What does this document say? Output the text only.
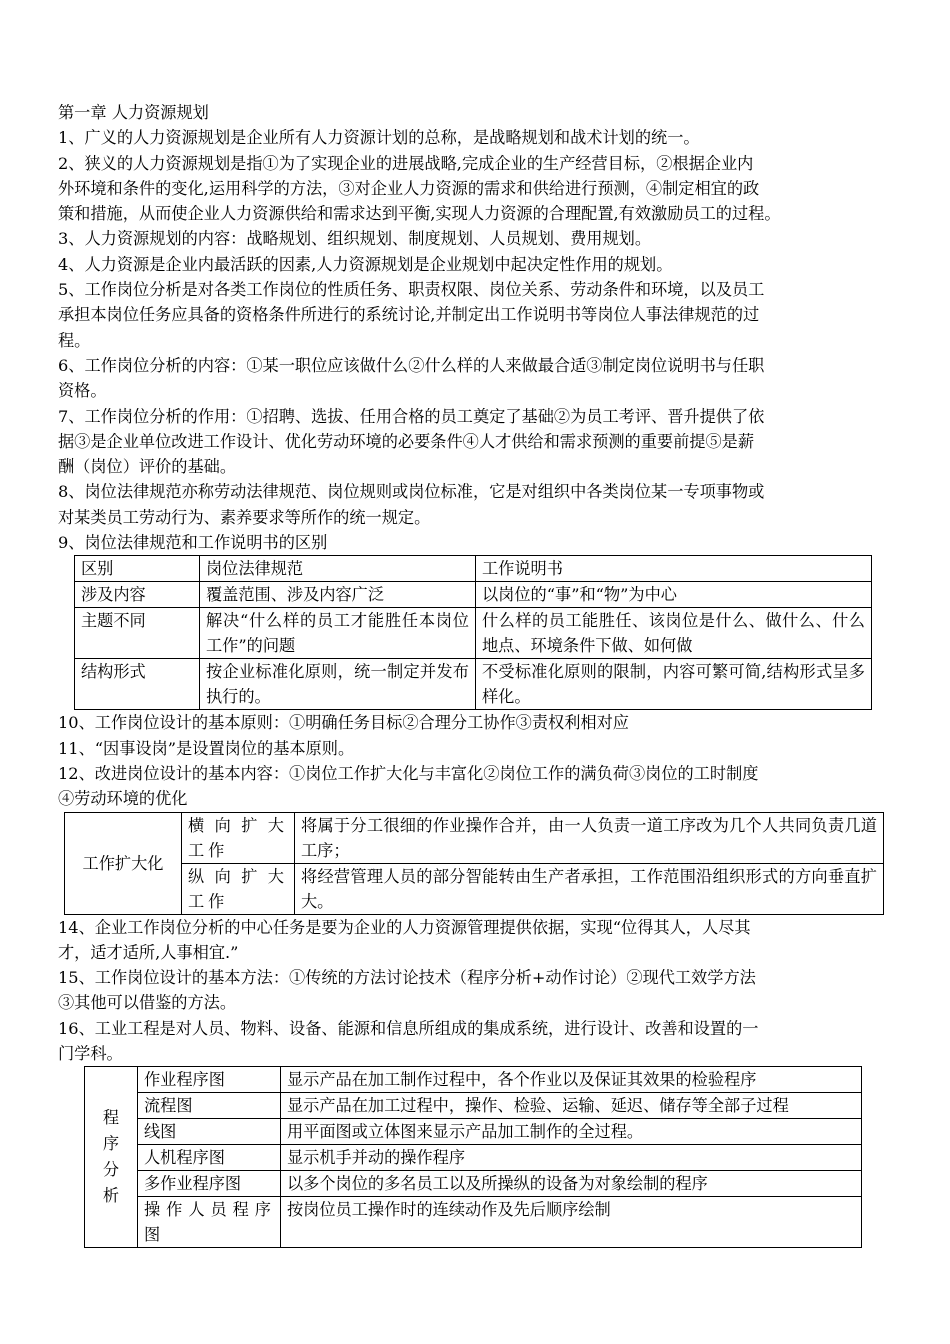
第一章 人力资源规划
1、广义的人力资源规划是企业所有人力资源计划的总称，是战略规划和战术计划的统一。
2、狭义的人力资源规划是指①为了实现企业的进展战略,完成企业的生产经营目标，②根据企业内
外环境和条件的变化,运用科学的方法，③对企业人力资源的需求和供给进行预测，④制定相宜的政
策和措施，从而使企业人力资源供给和需求达到平衡,实现人力资源的合理配置,有效激励员工的过程。
3、人力资源规划的内容：战略规划、组织规划、制度规划、人员规划、费用规划。
4、人力资源是企业内最活跃的因素,人力资源规划是企业规划中起决定性作用的规划。
5、工作岗位分析是对各类工作岗位的性质任务、职责权限、岗位关系、劳动条件和环境，以及员工
承担本岗位任务应具备的资格条件所进行的系统讨论,并制定出工作说明书等岗位人事法律规范的过
程。
6、工作岗位分析的内容：①某一职位应该做什么②什么样的人来做最合适③制定岗位说明书与任职
资格。
7、工作岗位分析的作用：①招聘、选拔、任用合格的员工奠定了基础②为员工考评、晋升提供了依
据③是企业单位改进工作设计、优化劳动环境的必要条件④人才供给和需求预测的重要前提⑤是薪
酬（岗位）评价的基础。
8、岗位法律规范亦称劳动法律规范、岗位规则或岗位标准，它是对组织中各类岗位某一专项事物或
对某类员工劳动行为、素养要求等所作的统一规定。
9、岗位法律规范和工作说明书的区别
区别	岗位法律规范	工作说明书
涉及内容	覆盖范围、涉及内容广泛	以岗位的“事”和“物”为中心
主题不同	解决“什么样的员工才能胜任本岗位工作”的问题	什么样的员工能胜任、该岗位是什么、做什么、什么地点、环境条件下做、如何做
结构形式	按企业标准化原则，统一制定并发布执行的。	不受标准化原则的限制，内容可繁可简,结构形式呈多样化。
10、工作岗位设计的基本原则：①明确任务目标②合理分工协作③责权利相对应
11、“因事设岗”是设置岗位的基本原则。
12、改进岗位设计的基本内容：①岗位工作扩大化与丰富化②岗位工作的满负荷③岗位的工时制度
④劳动环境的优化
工作扩大化	横向扩大工作	将属于分工很细的作业操作合并，由一人负责一道工序改为几个人共同负责几道工序；
	纵向扩大工作	将经营管理人员的部分智能转由生产者承担，工作范围沿组织形式的方向垂直扩大。
14、企业工作岗位分析的中心任务是要为企业的人力资源管理提供依据，实现“位得其人，人尽其
才，适才适所,人事相宜.”
15、工作岗位设计的基本方法：①传统的方法讨论技术（程序分析+动作讨论）②现代工效学方法
③其他可以借鉴的方法。
16、工业工程是对人员、物料、设备、能源和信息所组成的集成系统，进行设计、改善和设置的一
门学科。
程
序
分
析	作业程序图	显示产品在加工制作过程中，各个作业以及保证其效果的检验程序
	流程图	显示产品在加工过程中，操作、检验、运输、延迟、储存等全部子过程
	线图	用平面图或立体图来显示产品加工制作的全过程。
	人机程序图	显示机手并动的操作程序
	多作业程序图	以多个岗位的多名员工以及所操纵的设备为对象绘制的程序
	操作人员程序图	按岗位员工操作时的连续动作及先后顺序绘制
